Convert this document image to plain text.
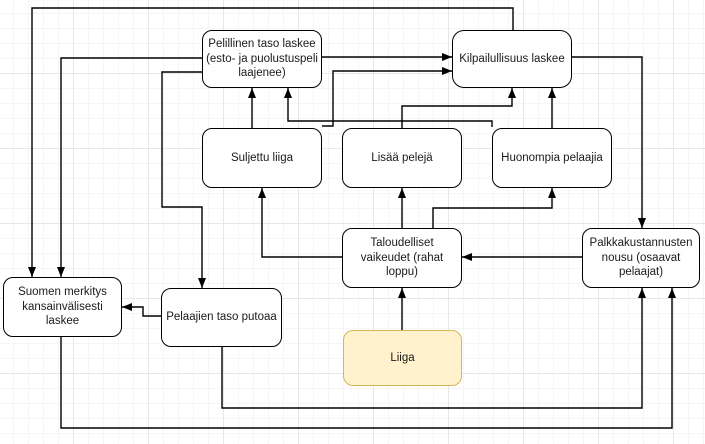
Pelillinen taso laskee (esto- ja puolustuspeli laajenee)
Kilpailullisuus laskee
Suljettu liiga	Lisää pelejä	Huonompia pelaajia
Taloudelliset vaikeudet (rahat loppu)
Palkkakustannusten nousu (osaavat pelaajat)
Suomen merkitys kansainvälisesti laskee	Pelaajien taso putoaa
Liiga
